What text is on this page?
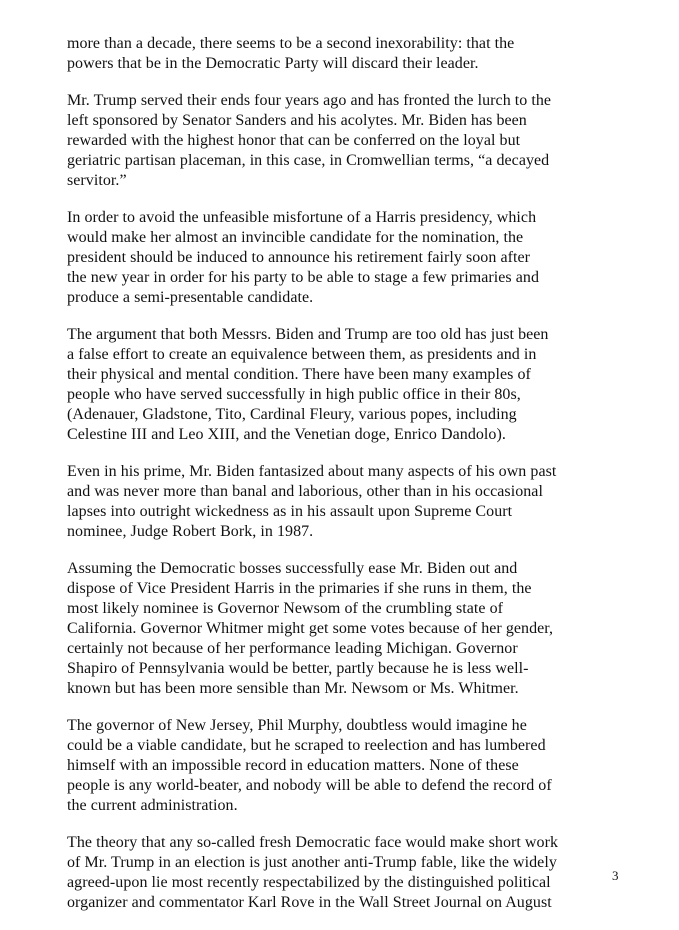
more than a decade, there seems to be a second inexorability: that the
powers that be in the Democratic Party will discard their leader.

Mr. Trump served their ends four years ago and has fronted the lurch to the
left sponsored by Senator Sanders and his acolytes. Mr. Biden has been
rewarded with the highest honor that can be conferred on the loyal but
geriatric partisan placeman, in this case, in Cromwellian terms, “a decayed
servitor.”

In order to avoid the unfeasible misfortune of a Harris presidency, which
would make her almost an invincible candidate for the nomination, the
president should be induced to announce his retirement fairly soon after
the new year in order for his party to be able to stage a few primaries and
produce a semi-presentable candidate.

The argument that both Messrs. Biden and Trump are too old has just been
a false effort to create an equivalence between them, as presidents and in
their physical and mental condition. There have been many examples of
people who have served successfully in high public office in their 80s,
(Adenauer, Gladstone, Tito, Cardinal Fleury, various popes, including
Celestine III and Leo XIII, and the Venetian doge, Enrico Dandolo).

Even in his prime, Mr. Biden fantasized about many aspects of his own past
and was never more than banal and laborious, other than in his occasional
lapses into outright wickedness as in his assault upon Supreme Court
nominee, Judge Robert Bork, in 1987.

Assuming the Democratic bosses successfully ease Mr. Biden out and
dispose of Vice President Harris in the primaries if she runs in them, the
most likely nominee is Governor Newsom of the crumbling state of
California. Governor Whitmer might get some votes because of her gender,
certainly not because of her performance leading Michigan. Governor
Shapiro of Pennsylvania would be better, partly because he is less well-
known but has been more sensible than Mr. Newsom or Ms. Whitmer.

The governor of New Jersey, Phil Murphy, doubtless would imagine he
could be a viable candidate, but he scraped to reelection and has lumbered
himself with an impossible record in education matters. None of these
people is any world-beater, and nobody will be able to defend the record of
the current administration.

The theory that any so-called fresh Democratic face would make short work
of Mr. Trump in an election is just another anti-Trump fable, like the widely
agreed-upon lie most recently respectabilized by the distinguished political
organizer and commentator Karl Rove in the Wall Street Journal on August

3
